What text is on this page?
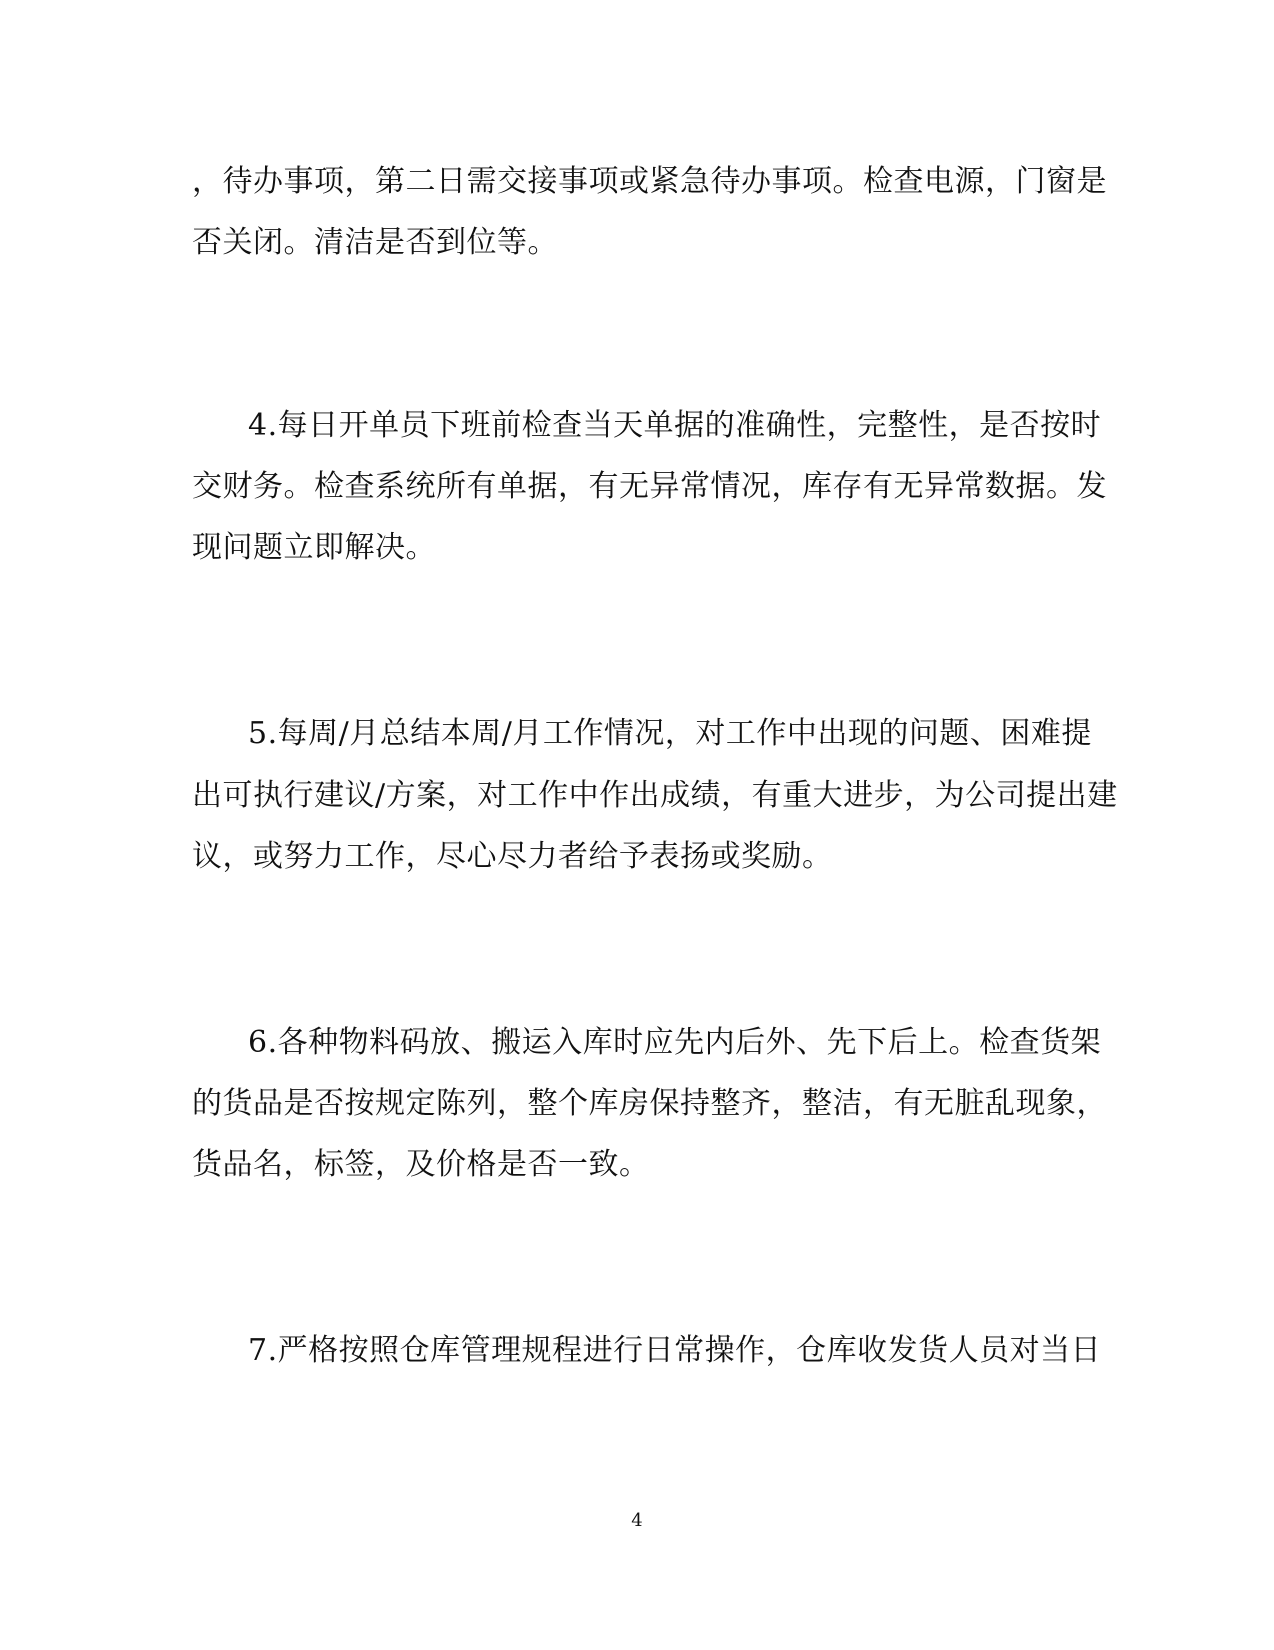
，待办事项，第二日需交接事项或紧急待办事项。检查电源，门窗是
否关闭。清洁是否到位等。
4.每日开单员下班前检查当天单据的准确性，完整性，是否按时
交财务。检查系统所有单据，有无异常情况，库存有无异常数据。发
现问题立即解决。
5.每周/月总结本周/月工作情况，对工作中出现的问题、困难提
出可执行建议/方案，对工作中作出成绩，有重大进步，为公司提出建
议，或努力工作，尽心尽力者给予表扬或奖励。
6.各种物料码放、搬运入库时应先内后外、先下后上。检查货架
的货品是否按规定陈列，整个库房保持整齐，整洁，有无脏乱现象，
货品名，标签，及价格是否一致。
7.严格按照仓库管理规程进行日常操作，仓库收发货人员对当日
4
